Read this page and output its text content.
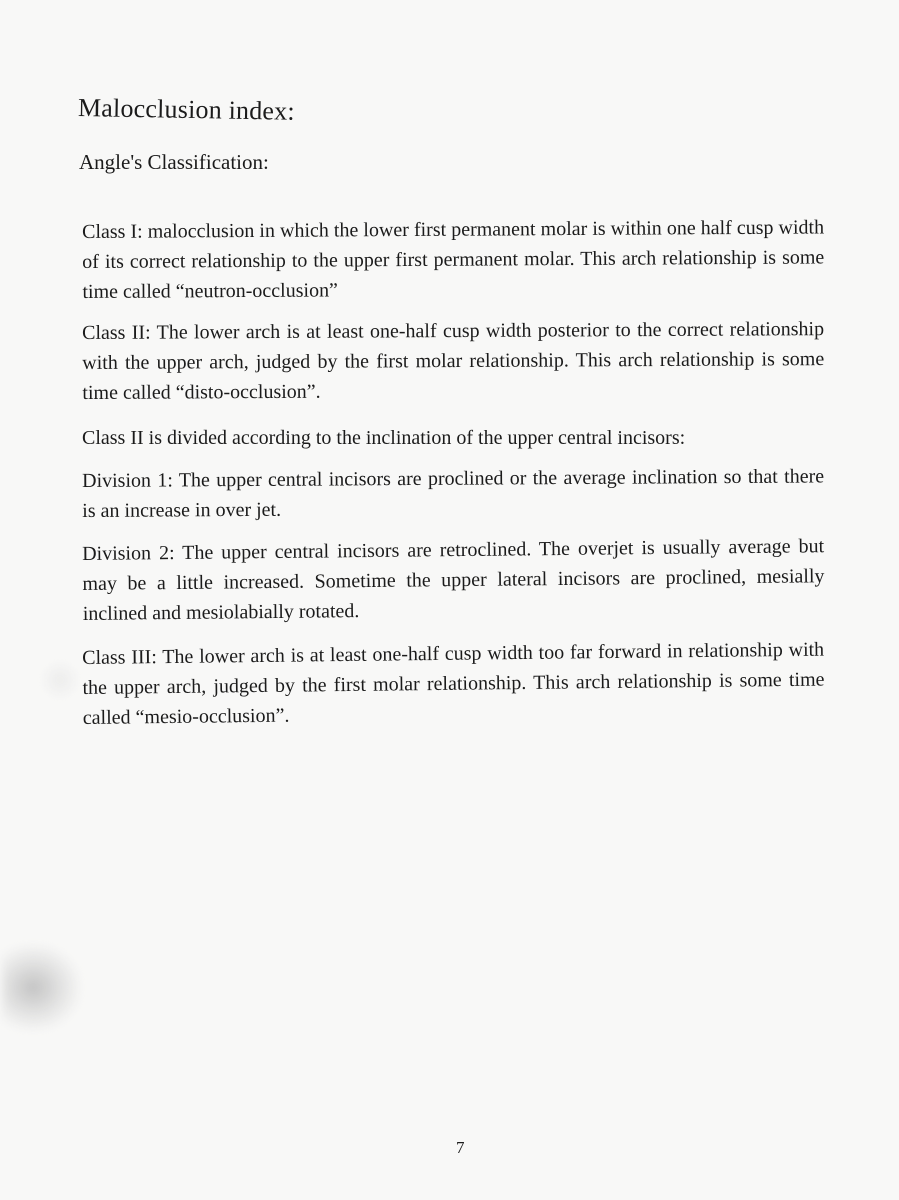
Malocclusion index:
Angle's Classification:

Class I: malocclusion in which the lower first permanent molar is within one half cusp width of its correct relationship to the upper first permanent molar. This arch relationship is some time called “neutron-occlusion”

Class II: The lower arch is at least one-half cusp width posterior to the correct relationship with the upper arch, judged by the first molar relationship. This arch relationship is some time called “disto-occlusion”.

Class II is divided according to the inclination of the upper central incisors:

Division 1: The upper central incisors are proclined or the average inclination so that there is an increase in over jet.

Division 2: The upper central incisors are retroclined. The overjet is usually average but may be a little increased. Sometime the upper lateral incisors are proclined, mesially inclined and mesiolabially rotated.

Class III: The lower arch is at least one-half cusp width too far forward in relationship with the upper arch, judged by the first molar relationship. This arch relationship is some time called “mesio-occlusion”.

7
